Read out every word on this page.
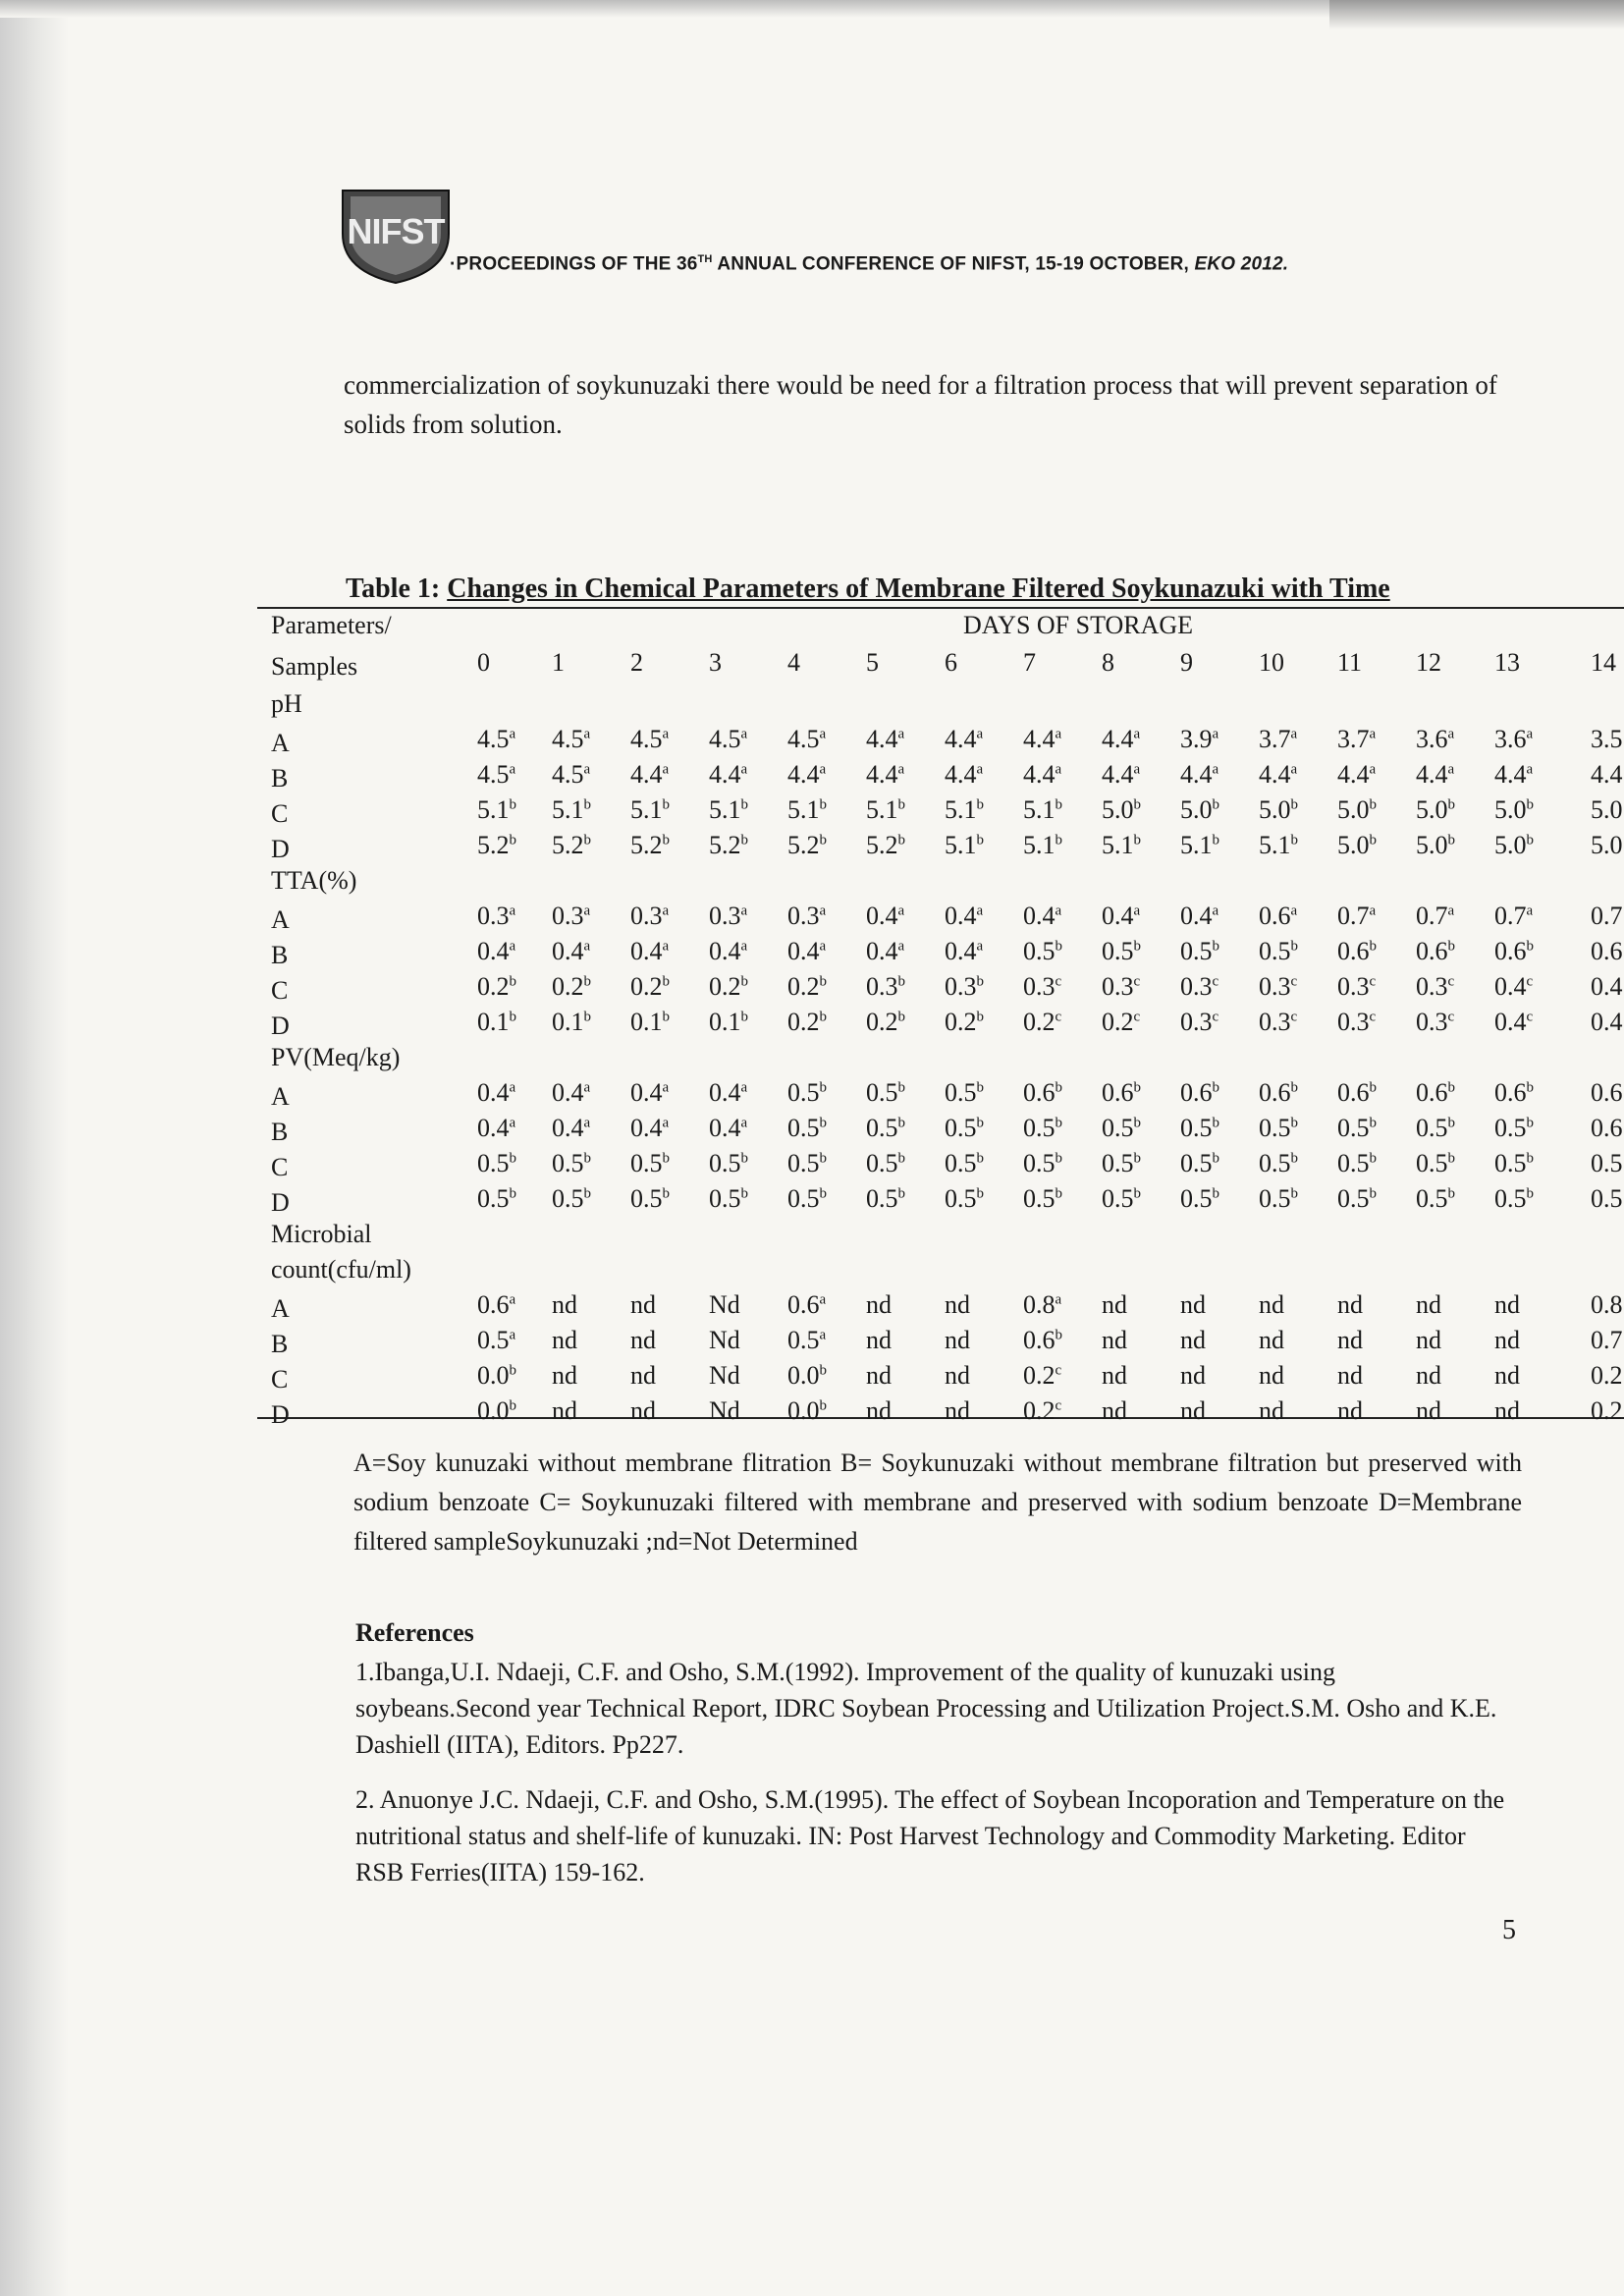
NIFST
·PROCEEDINGS OF THE 36TH ANNUAL CONFERENCE OF NIFST, 15-19 OCTOBER, EKO 2012.
commercialization of soykunuzaki there would be need for a filtration process that will prevent separation of solids from solution.
Table 1: Changes in Chemical Parameters of Membrane Filtered Soykunazuki with Time
Parameters/
Samples
DAYS OF STORAGE
0 1	2	3	4	5	6	7	8	9	10 11 12 13	14
pH
A	4.5$^a$ 4.5$^a$ 4.5$^a$ 4.5$^a$ 4.5$^a$ 4.4$^a$ 4.4$^a$ 4.4$^a$ 4.4$^a$ 3.9$^a$ 3.7$^a$ 3.7$^a$ 3.6$^a$ 3.6$^a$ 3.5
B	4.5$^a$ 4.5$^a$ 4.4$^a$ 4.4$^a$ 4.4$^a$ 4.4$^a$ 4.4$^a$ 4.4$^a$ 4.4$^a$ 4.4$^a$ 4.4$^a$ 4.4$^a$ 4.4$^a$ 4.4$^a$ 4.4
C	5.1$^b$ 5.1$^b$ 5.1$^b$ 5.1$^b$ 5.1$^b$ 5.1$^b$ 5.1$^b$ 5.1$^b$ 5.0$^b$ 5.0$^b$ 5.0$^b$ 5.0$^b$ 5.0$^b$ 5.0$^b$ 5.0
D	5.2$^b$ 5.2$^b$ 5.2$^b$ 5.2$^b$ 5.2$^b$ 5.2$^b$ 5.1$^b$ 5.1$^b$ 5.1$^b$ 5.1$^b$ 5.1$^b$ 5.0$^b$ 5.0$^b$ 5.0$^b$ 5.0
TTA(%)
A	0.3$^a$ 0.3$^a$ 0.3$^a$ 0.3$^a$ 0.3$^a$ 0.4$^a$ 0.4$^a$ 0.4$^a$ 0.4$^a$ 0.4$^a$ 0.6$^a$ 0.7$^a$ 0.7$^a$ 0.7$^a$ 0.7
B	0.4$^a$ 0.4$^a$ 0.4$^a$ 0.4$^a$ 0.4$^a$ 0.4$^a$ 0.4$^a$ 0.5$^b$ 0.5$^b$ 0.5$^b$ 0.5$^b$ 0.6$^b$ 0.6$^b$ 0.6$^b$ 0.6
C	0.2$^b$ 0.2$^b$ 0.2$^b$ 0.2$^b$ 0.2$^b$ 0.3$^b$ 0.3$^b$ 0.3$^c$ 0.3$^c$ 0.3$^c$ 0.3$^c$ 0.3$^c$ 0.3$^c$ 0.4$^c$ 0.4
D	0.1$^b$ 0.1$^b$ 0.1$^b$ 0.1$^b$ 0.2$^b$ 0.2$^b$ 0.2$^b$ 0.2$^c$ 0.2$^c$ 0.3$^c$ 0.3$^c$ 0.3$^c$ 0.3$^c$ 0.4$^c$ 0.4
PV(Meq/kg)
A	0.4$^a$ 0.4$^a$ 0.4$^a$ 0.4$^a$ 0.5$^b$ 0.5$^b$ 0.5$^b$ 0.6$^b$ 0.6$^b$ 0.6$^b$ 0.6$^b$ 0.6$^b$ 0.6$^b$ 0.6$^b$ 0.6
B	0.4$^a$ 0.4$^a$ 0.4$^a$ 0.4$^a$ 0.5$^b$ 0.5$^b$ 0.5$^b$ 0.5$^b$ 0.5$^b$ 0.5$^b$ 0.5$^b$ 0.5$^b$ 0.5$^b$ 0.5$^b$ 0.6
C	0.5$^b$ 0.5$^b$ 0.5$^b$ 0.5$^b$ 0.5$^b$ 0.5$^b$ 0.5$^b$ 0.5$^b$ 0.5$^b$ 0.5$^b$ 0.5$^b$ 0.5$^b$ 0.5$^b$ 0.5$^b$ 0.5
D	0.5$^b$ 0.5$^b$ 0.5$^b$ 0.5$^b$ 0.5$^b$ 0.5$^b$ 0.5$^b$ 0.5$^b$ 0.5$^b$ 0.5$^b$ 0.5$^b$ 0.5$^b$ 0.5$^b$ 0.5$^b$ 0.5
Microbial
count(cfu/ml)
A	0.6$^a$ nd nd Nd 0.6$^a$ nd nd 0.8$^a$ nd nd nd nd nd nd	0.8
B	0.5$^a$ nd nd Nd 0.5$^a$ nd nd 0.6$^b$ nd nd nd nd nd nd	0.7
C	0.0$^b$ nd nd Nd 0.0$^b$ nd nd 0.2$^c$ nd nd nd nd nd nd	0.2
D	0.0$^b$ nd nd Nd 0.0$^b$ nd nd 0.2$^c$ nd nd nd nd nd nd	0.2
A=Soy kunuzaki without membrane flitration B= Soykunuzaki without membrane filtration but preserved with sodium benzoate C= Soykunuzaki filtered with membrane and preserved with sodium benzoate D=Membrane filtered sampleSoykunuzaki ;nd=Not Determined
References
1.Ibanga,U.I. Ndaeji, C.F. and Osho, S.M.(1992). Improvement of the quality of kunuzaki using soybeans.Second year Technical Report, IDRC Soybean Processing and Utilization Project.S.M. Osho and K.E. Dashiell (IITA), Editors. Pp227.
2. Anuonye J.C. Ndaeji, C.F. and Osho, S.M.(1995). The effect of Soybean Incoporation and Temperature on the nutritional status and shelf-life of kunuzaki. IN: Post Harvest Technology and Commodity Marketing. Editor RSB Ferries(IITA) 159-162.
5
